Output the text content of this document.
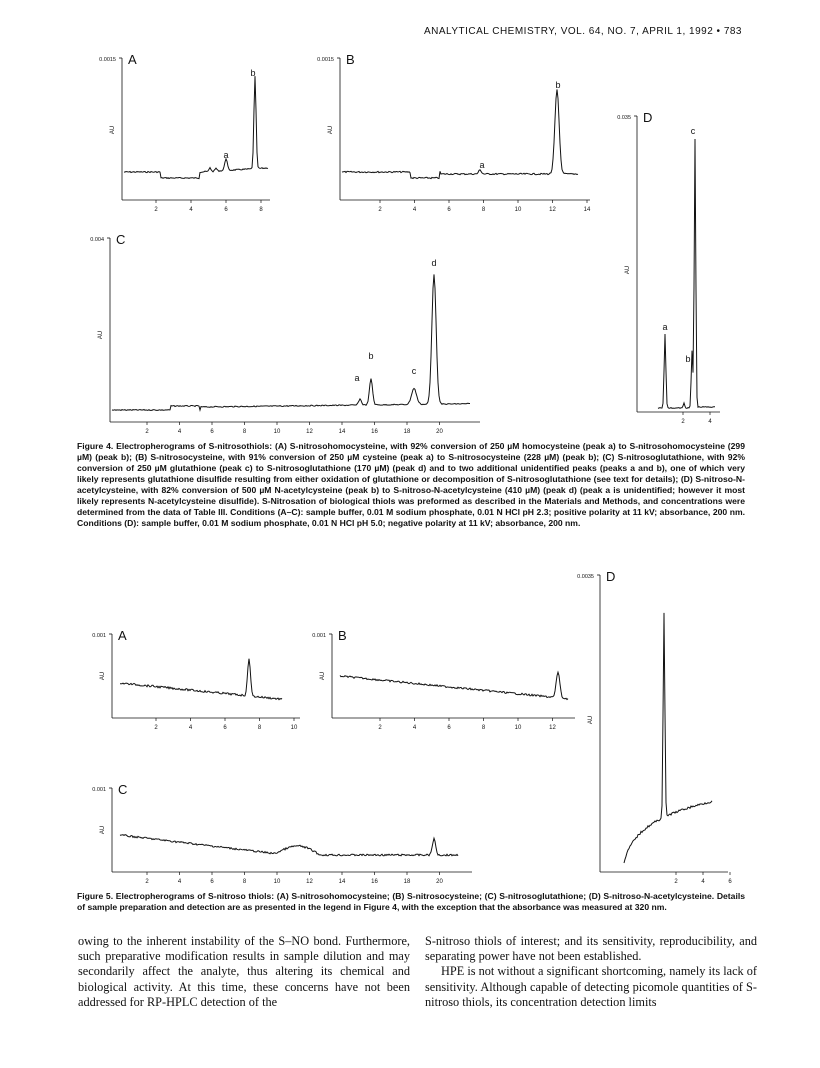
ANALYTICAL CHEMISTRY, VOL. 64, NO. 7, APRIL 1, 1992 • 783
0.0015 A
AU
2	4	6	8
a
b
0.0015 B
AU
2	4	6	8	10	12	14
a
b
0.004 C
AU
2	4	6	8	10	12	14	16	18	20
a
b
c
d
0.035 D
AU
2	4
a
b
c
0.001 A
AU
2	4	6	8	10
0.001 B
AU
2	4	6	8	10	12
0.001 C
AU
2	4	6	8	10	12	14	16	18	20
0.0035 D
AU
2	4	6
Figure 4. Electropherograms of S-nitrosothiols: (A) S-nitrosohomocysteine, with 92% conversion of 250 µM homocysteine (peak a) to S-nitrosohomocysteine (299 µM) (peak b); (B) S-nitrosocysteine, with 91% conversion of 250 µM cysteine (peak a) to S-nitrosocysteine (228 µM) (peak b); (C) S-nitrosoglutathione, with 92% conversion of 250 µM glutathione (peak c) to S-nitrosoglutathione (170 µM) (peak d) and to two additional unidentified peaks (peaks a and b), one of which very likely represents glutathione disulfide resulting from either oxidation of glutathione or decomposition of S-nitrosoglutathione (see text for details); (D) S-nitroso-N-acetylcysteine, with 82% conversion of 500 µM N-acetylcysteine (peak b) to S-nitroso-N-acetylcysteine (410 µM) (peak d) (peak a is unidentified; however it most likely represents N-acetylcysteine disulfide). S-Nitrosation of biological thiols was preformed as described in the Materials and Methods, and concentrations were determined from the data of Table III. Conditions (A–C): sample buffer, 0.01 M sodium phosphate, 0.01 N HCl pH 2.3; positive polarity at 11 kV; absorbance, 200 nm. Conditions (D): sample buffer, 0.01 M sodium phosphate, 0.01 N HCl pH 5.0; negative polarity at 11 kV; absorbance, 200 nm.
Figure 5. Electropherograms of S-nitroso thiols: (A) S-nitrosohomocysteine; (B) S-nitrosocysteine; (C) S-nitrosoglutathione; (D) S-nitroso-N-acetylcysteine. Details of sample preparation and detection are as presented in the legend in Figure 4, with the exception that the absorbance was measured at 320 nm.

owing to the inherent instability of the S–NO bond. Furthermore, such preparative modification results in sample dilution and may secondarily affect the analyte, thus altering its chemical and biological activity. At this time, these concerns have not been addressed for RP-HPLC detection of the

S-nitroso thiols of interest; and its sensitivity, reproducibility, and separating power have not been established.

HPE is not without a significant shortcoming, namely its lack of sensitivity. Although capable of detecting picomole quantities of S-nitroso thiols, its concentration detection limits
